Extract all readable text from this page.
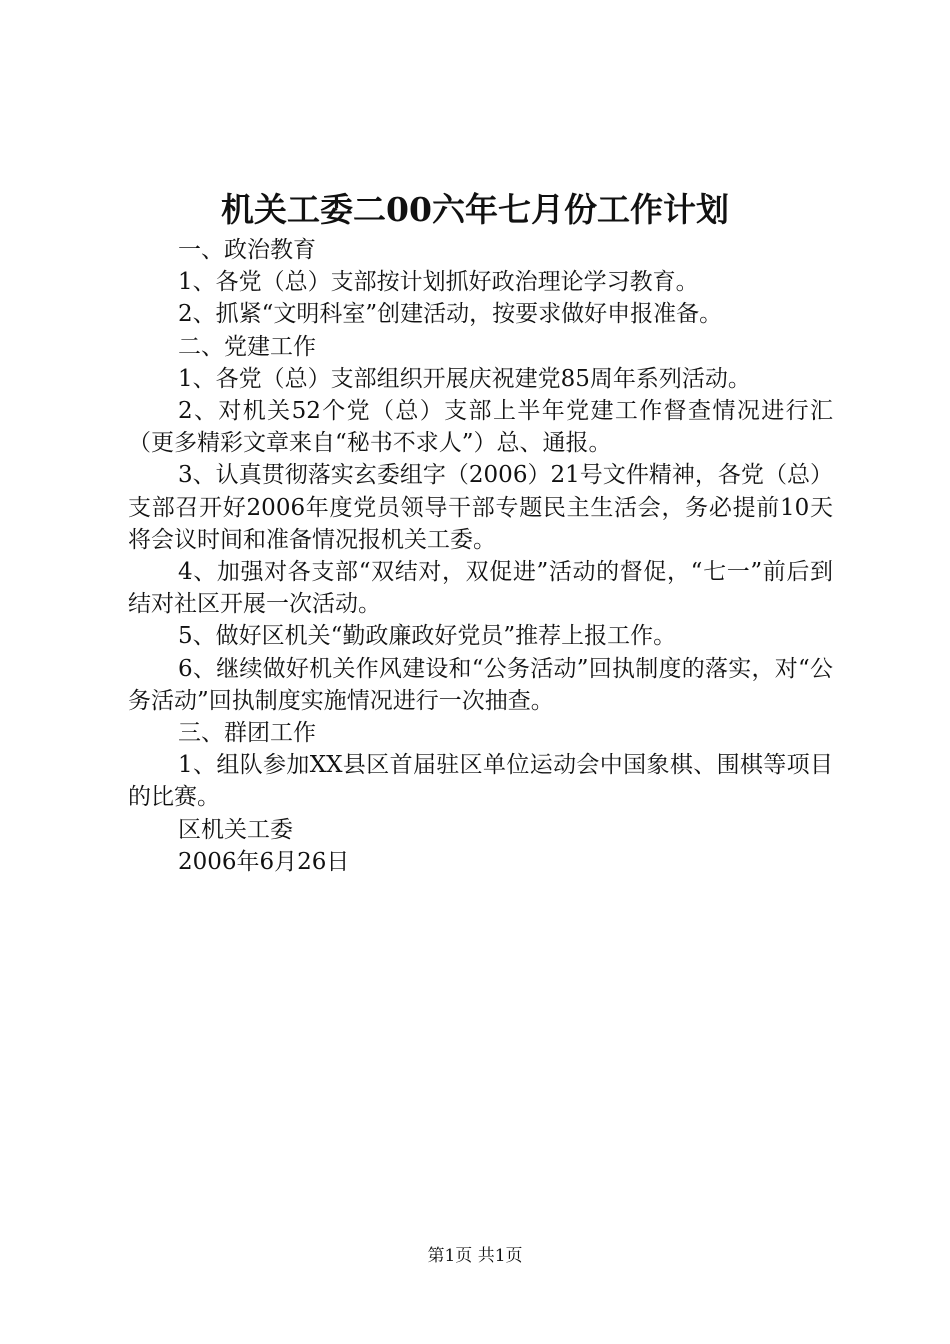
机关工委二00六年七月份工作计划

一、政治教育

1、各党（总）支部按计划抓好政治理论学习教育。

2、抓紧“文明科室”创建活动，按要求做好申报准备。

二、党建工作

1、各党（总）支部组织开展庆祝建党85周年系列活动。

2、对机关52个党（总）支部上半年党建工作督查情况进行汇（更多精彩文章来自“秘书不求人”）总、通报。

3、认真贯彻落实玄委组字（2006）21号文件精神，各党（总）支部召开好2006年度党员领导干部专题民主生活会，务必提前10天将会议时间和准备情况报机关工委。

4、加强对各支部“双结对，双促进”活动的督促，“七一”前后到结对社区开展一次活动。

5、做好区机关“勤政廉政好党员”推荐上报工作。

6、继续做好机关作风建设和“公务活动”回执制度的落实，对“公务活动”回执制度实施情况进行一次抽查。

三、群团工作

1、组队参加XX县区首届驻区单位运动会中国象棋、围棋等项目的比赛。

区机关工委

2006年6月26日

第1页 共1页
